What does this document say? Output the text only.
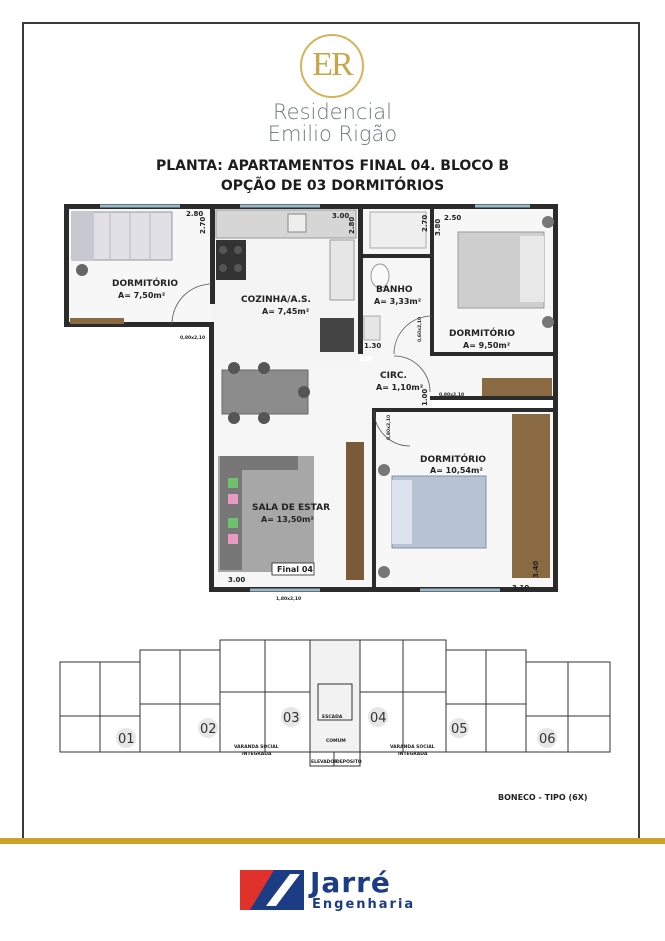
ER
Residencial
Emilio Rigão
PLANTA: APARTAMENTOS FINAL 04. BLOCO B
OPÇÃO DE 03 DORMITÓRIOS
DORMITÓRIO
A= 7,50m²	COZINHA/A.S.
A= 7,45m²
BANHO
A= 3,33m²
DORMITÓRIO
A= 9,50m²
CIRC.
A= 1,10m²
DORMITÓRIO
A= 10,54m²
SALA DE ESTAR
A= 13,50m²
2.80
2.70
3.00
2.80	2.70 2.50
3.80
1.30
1.00
3.00
3.10
3.40
0,80x2,10	0,60x2,10
0,80x2,10
0,80x2,10
1,80x2,10
Final 04
01
02
03	04
05
06
ESCADA
COMUM
ELEVADOR
DEPÓSITO
VARANDA SOCIAL
INTEGRADA
VARANDA SOCIAL
INTEGRADA
BONECO - TIPO (6X)
Jarré
Engenharia
